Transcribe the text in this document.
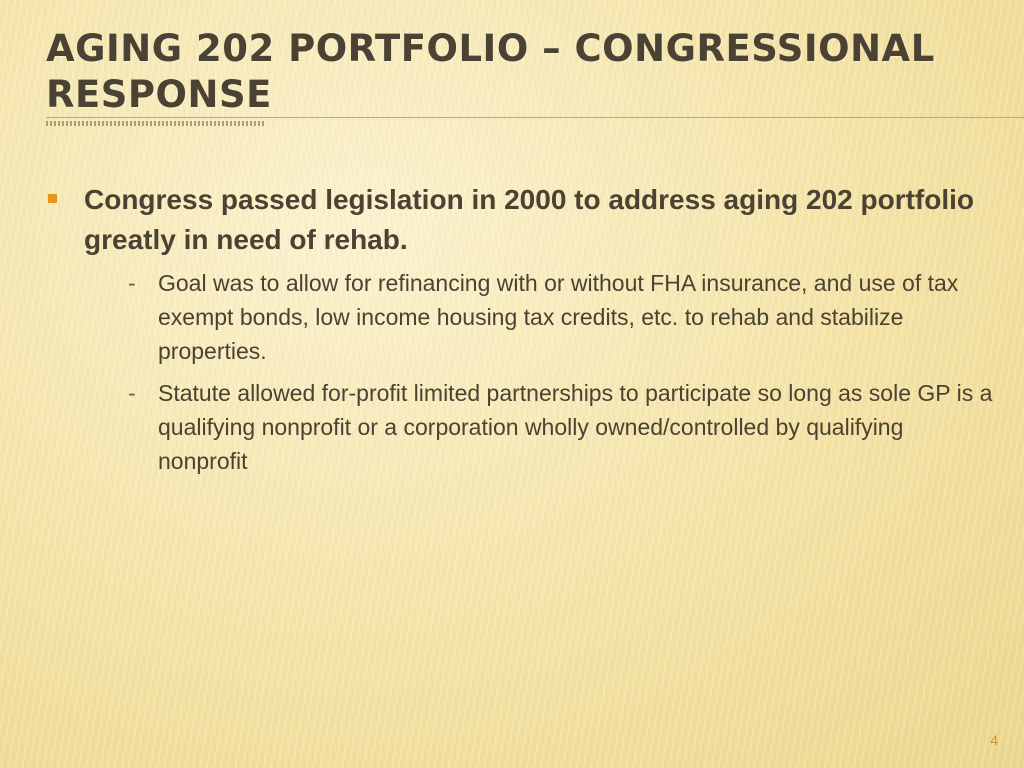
AGING 202 PORTFOLIO – CONGRESSIONAL RESPONSE
Congress passed legislation in 2000 to address aging 202 portfolio greatly in need of rehab.
- Goal was to allow for refinancing with or without FHA insurance, and use of tax exempt bonds, low income housing tax credits, etc. to rehab and stabilize properties.
- Statute allowed for-profit limited partnerships to participate so long as sole GP is a qualifying nonprofit or a corporation wholly owned/controlled by qualifying nonprofit
4
